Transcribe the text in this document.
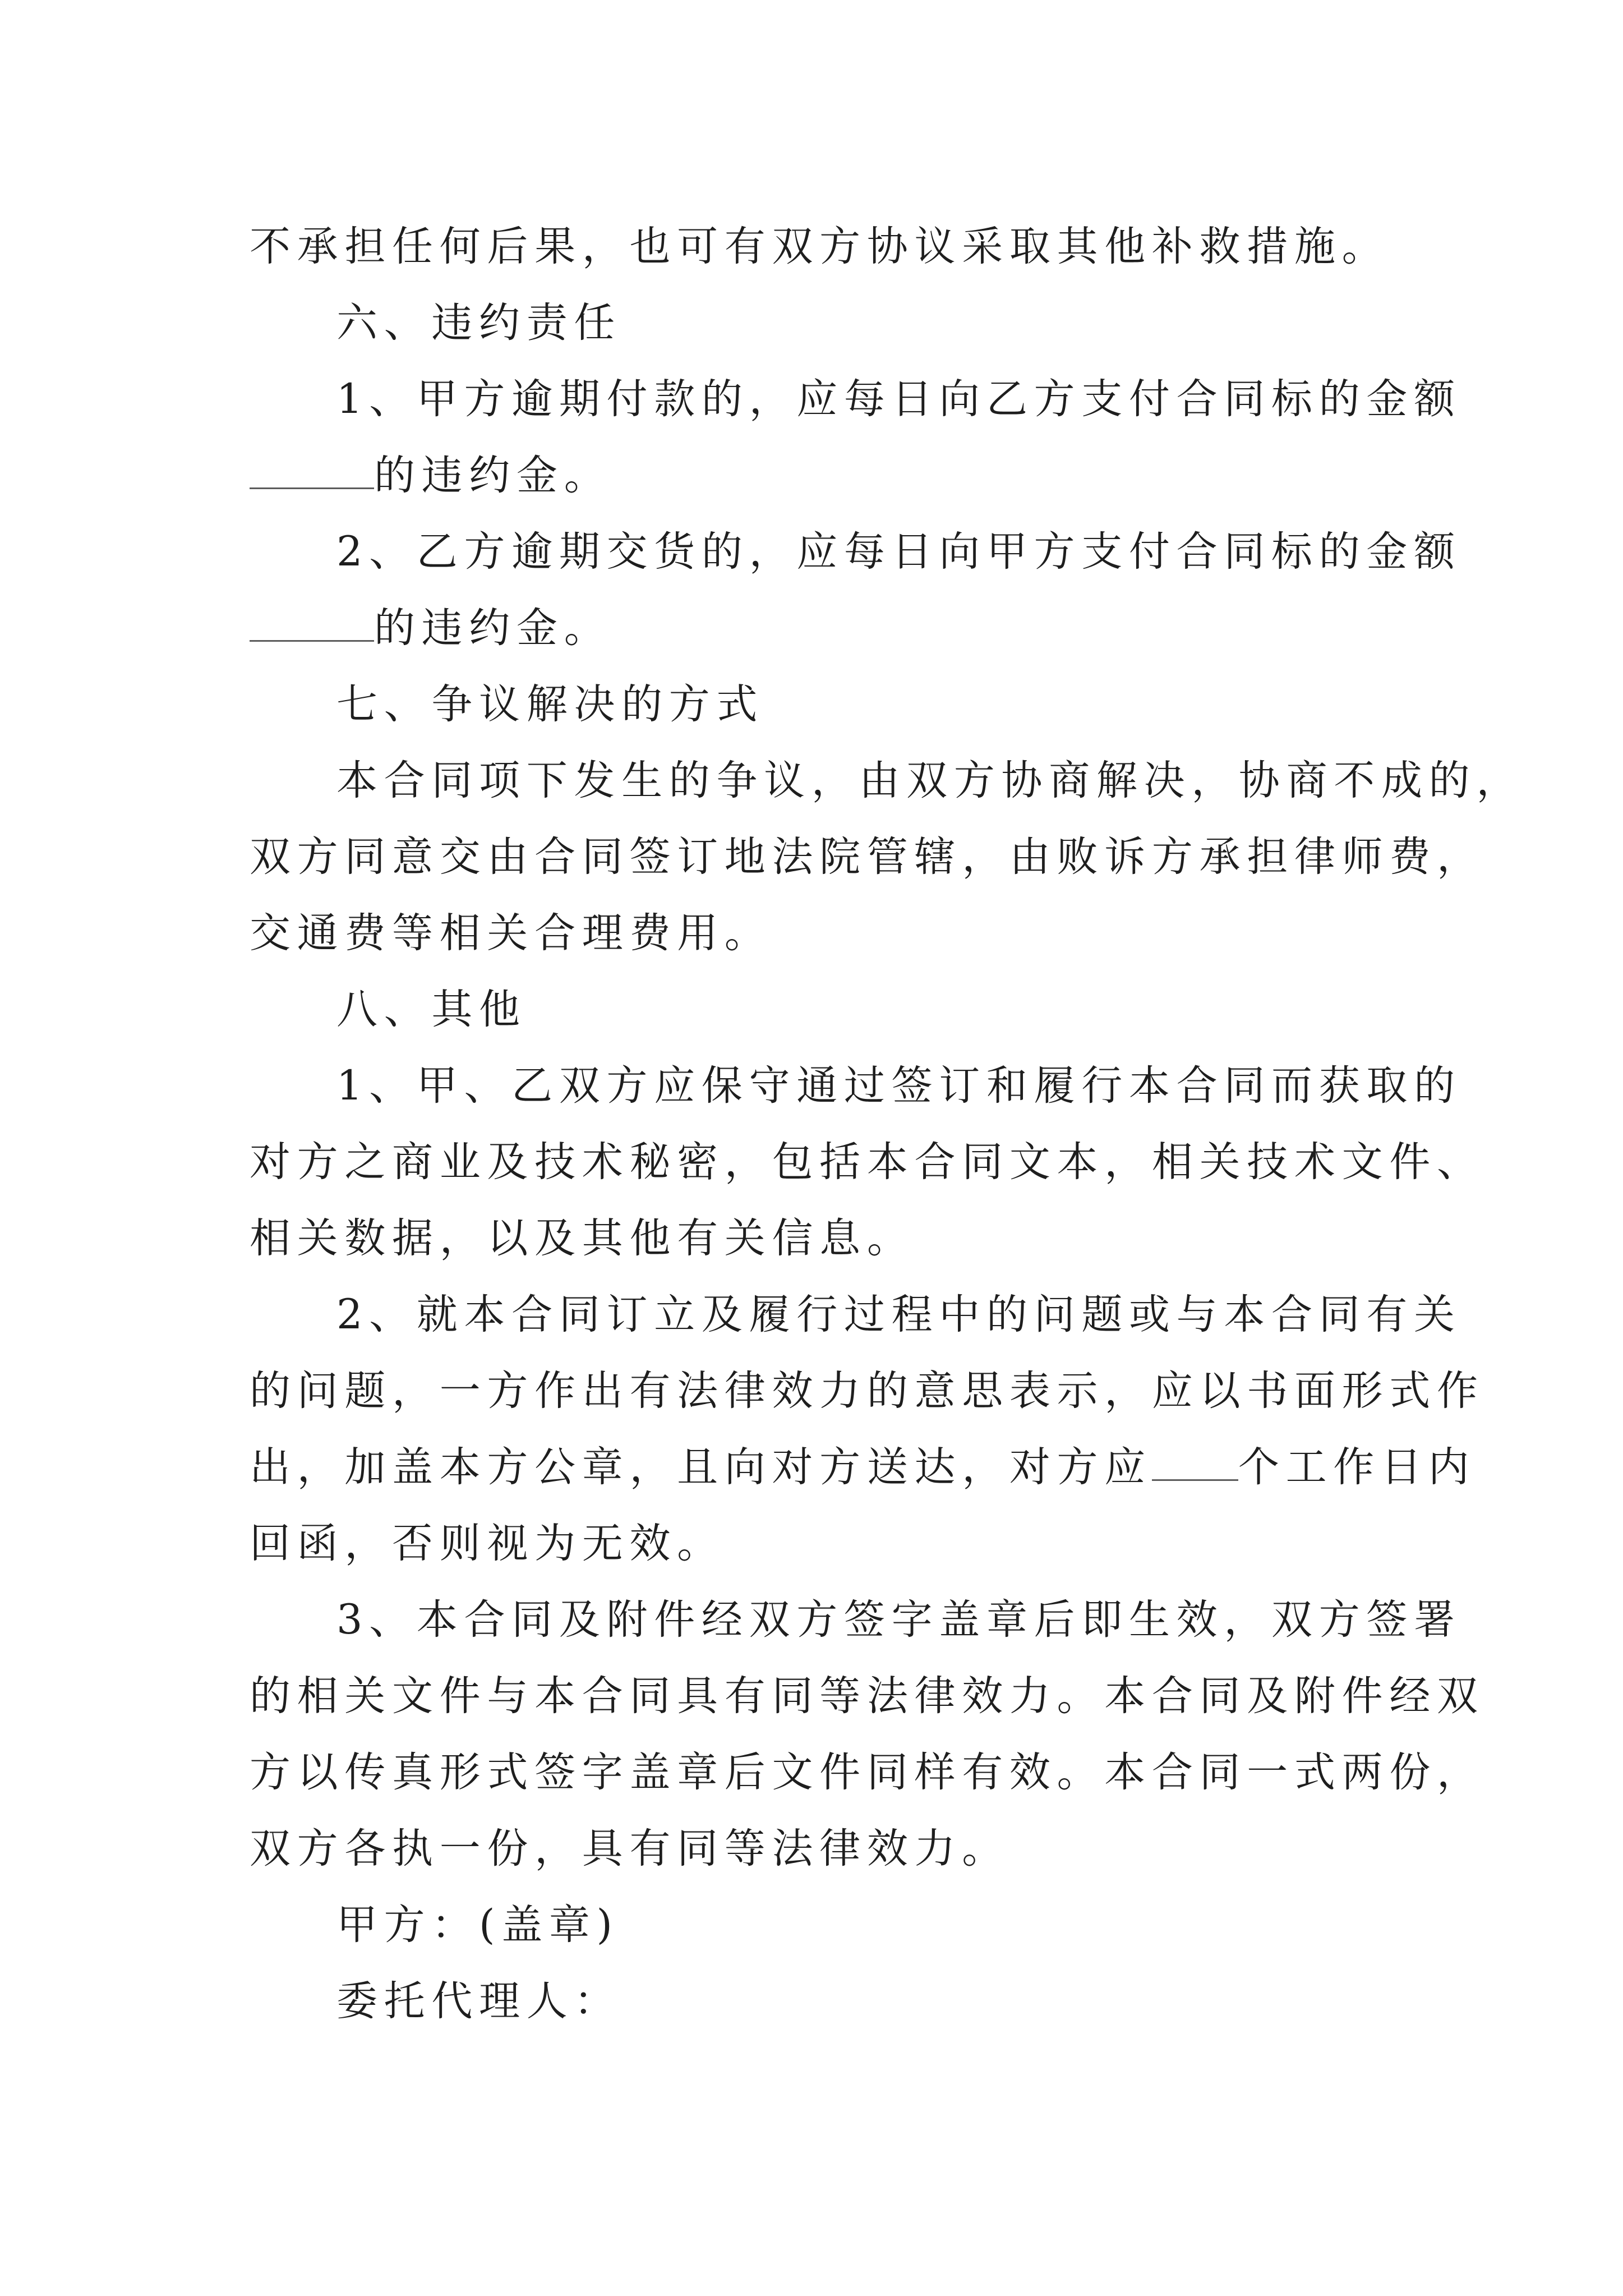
不承担任何后果，也可有双方协议采取其他补救措施。
六、违约责任
1、甲方逾期付款的，应每日向乙方支付合同标的金额
的违约金。
2、乙方逾期交货的，应每日向甲方支付合同标的金额
的违约金。
七、争议解决的方式
本合同项下发生的争议，由双方协商解决，协商不成的，
双方同意交由合同签订地法院管辖，由败诉方承担律师费，
交通费等相关合理费用。
八、其他
1、甲、乙双方应保守通过签订和履行本合同而获取的
对方之商业及技术秘密，包括本合同文本，相关技术文件、
相关数据，以及其他有关信息。
2、就本合同订立及履行过程中的问题或与本合同有关
的问题，一方作出有法律效力的意思表示，应以书面形式作
出，加盖本方公章，且向对方送达，对方应 个工作日内
回函，否则视为无效。
3、本合同及附件经双方签字盖章后即生效，双方签署
的相关文件与本合同具有同等法律效力。本合同及附件经双
方以传真形式签字盖章后文件同样有效。本合同一式两份，
双方各执一份，具有同等法律效力。
甲方：(盖章)
委托代理人：
